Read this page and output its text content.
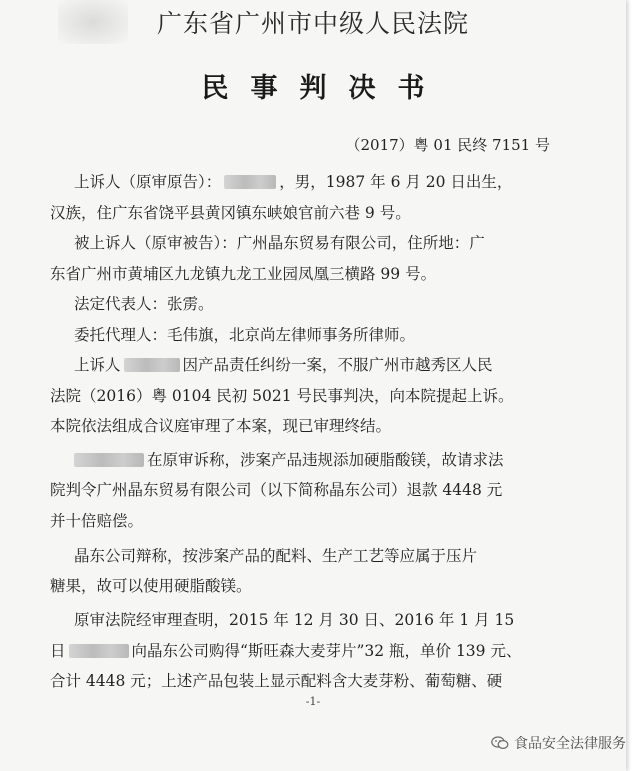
广东省广州市中级人民法院
民事判决书
（2017）粤 01 民终 7151 号
上诉人（原审原告）：	，男，1987 年 6 月 20 日出生，
汉族，住广东省饶平县黄冈镇东峡娘官前六巷 9 号。
被上诉人（原审被告）：广州晶东贸易有限公司，住所地：广
东省广州市黄埔区九龙镇九龙工业园凤凰三横路 99 号。
法定代表人：张雳。
委托代理人：毛伟旗，北京尚左律师事务所律师。
上诉人	因产品责任纠纷一案，不服广州市越秀区人民
法院（2016）粤 0104 民初 5021 号民事判决，向本院提起上诉。
本院依法组成合议庭审理了本案，现已审理终结。
在原审诉称，涉案产品违规添加硬脂酸镁，故请求法
院判令广州晶东贸易有限公司（以下简称晶东公司）退款 4448 元
并十倍赔偿。
晶东公司辩称，按涉案产品的配料、生产工艺等应属于压片
糖果，故可以使用硬脂酸镁。
原审法院经审理查明，2015 年 12 月 30 日、2016 年 1 月 15
日	向晶东公司购得“斯旺森大麦芽片”32 瓶，单价 139 元、
合计 4448 元；上述产品包装上显示配料含大麦芽粉、葡萄糖、硬
-1-
食品安全法律服务
